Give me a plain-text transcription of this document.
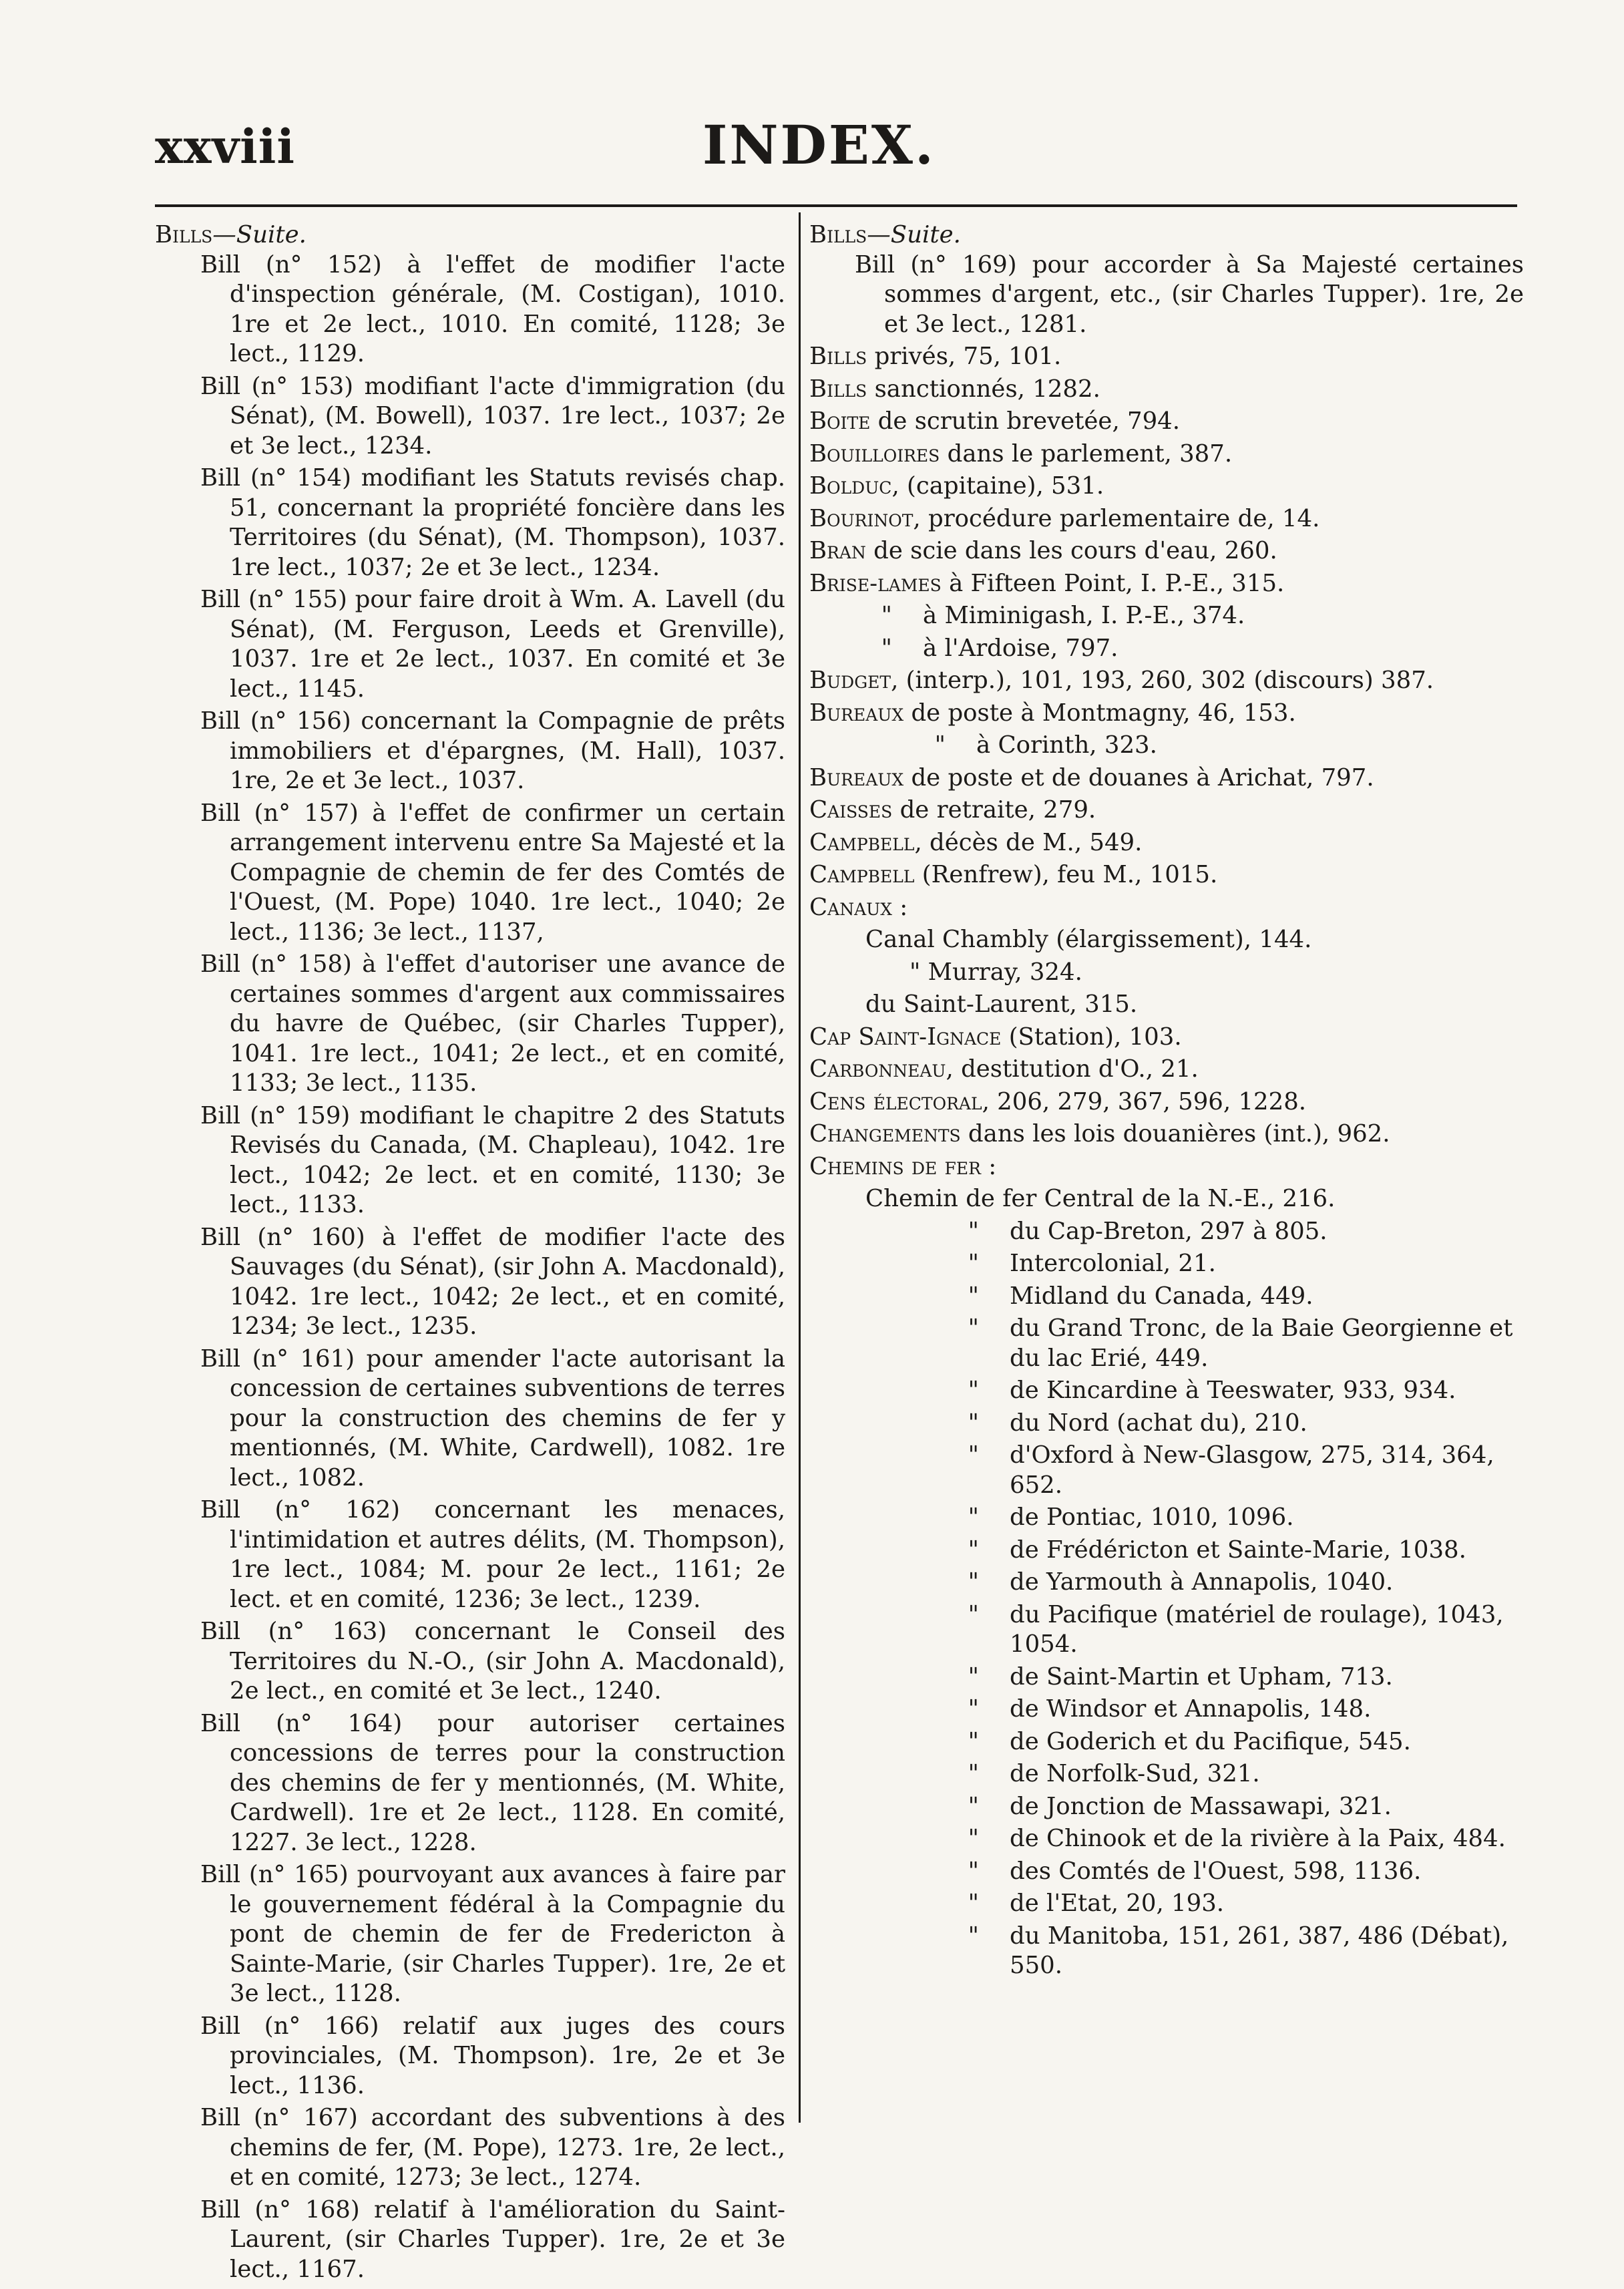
xxviii	INDEX.

Bills—Suite.

Bill (n° 152) à l'effet de modifier l'acte d'inspection générale, (M. Costigan), 1010. 1re et 2e lect., 1010. En comité, 1128; 3e lect., 1129.

Bill (n° 153) modifiant l'acte d'immigration (du Sénat), (M. Bowell), 1037. 1re lect., 1037; 2e et 3e lect., 1234.

Bill (n° 154) modifiant les Statuts revisés chap. 51, concernant la propriété foncière dans les Territoires (du Sénat), (M. Thompson), 1037. 1re lect., 1037; 2e et 3e lect., 1234.

Bill (n° 155) pour faire droit à Wm. A. Lavell (du Sénat), (M. Ferguson, Leeds et Grenville), 1037. 1re et 2e lect., 1037. En comité et 3e lect., 1145.

Bill (n° 156) concernant la Compagnie de prêts immobiliers et d'épargnes, (M. Hall), 1037. 1re, 2e et 3e lect., 1037.

Bill (n° 157) à l'effet de confirmer un certain arrangement intervenu entre Sa Majesté et la Compagnie de chemin de fer des Comtés de l'Ouest, (M. Pope) 1040. 1re lect., 1040; 2e lect., 1136; 3e lect., 1137,

Bill (n° 158) à l'effet d'autoriser une avance de certaines sommes d'argent aux commissaires du havre de Québec, (sir Charles Tupper), 1041. 1re lect., 1041; 2e lect., et en comité, 1133; 3e lect., 1135.

Bill (n° 159) modifiant le chapitre 2 des Statuts Revisés du Canada, (M. Chapleau), 1042. 1re lect., 1042; 2e lect. et en comité, 1130; 3e lect., 1133.

Bill (n° 160) à l'effet de modifier l'acte des Sauvages (du Sénat), (sir John A. Macdonald), 1042. 1re lect., 1042; 2e lect., et en comité, 1234; 3e lect., 1235.

Bill (n° 161) pour amender l'acte autorisant la concession de certaines subventions de terres pour la construction des chemins de fer y mentionnés, (M. White, Cardwell), 1082. 1re lect., 1082.

Bill (n° 162) concernant les menaces, l'intimidation et autres délits, (M. Thompson), 1re lect., 1084; M. pour 2e lect., 1161; 2e lect. et en comité, 1236; 3e lect., 1239.

Bill (n° 163) concernant le Conseil des Territoires du N.-O., (sir John A. Macdonald), 2e lect., en comité et 3e lect., 1240.

Bill (n° 164) pour autoriser certaines concessions de terres pour la construction des chemins de fer y mentionnés, (M. White, Cardwell). 1re et 2e lect., 1128. En comité, 1227. 3e lect., 1228.

Bill (n° 165) pourvoyant aux avances à faire par le gouvernement fédéral à la Compagnie du pont de chemin de fer de Fredericton à Sainte-Marie, (sir Charles Tupper). 1re, 2e et 3e lect., 1128.

Bill (n° 166) relatif aux juges des cours provinciales, (M. Thompson). 1re, 2e et 3e lect., 1136.

Bill (n° 167) accordant des subventions à des chemins de fer, (M. Pope), 1273. 1re, 2e lect., et en comité, 1273; 3e lect., 1274.

Bill (n° 168) relatif à l'amélioration du Saint-Laurent, (sir Charles Tupper). 1re, 2e et 3e lect., 1167.

Bills—Suite.

Bill (n° 169) pour accorder à Sa Majesté certaines sommes d'argent, etc., (sir Charles Tupper). 1re, 2e et 3e lect., 1281.

Bills privés, 75, 101.

Bills sanctionnés, 1282.

Boite de scrutin brevetée, 794.

Bouilloires dans le parlement, 387.

Bolduc, (capitaine), 531.

Bourinot, procédure parlementaire de, 14.

Bran de scie dans les cours d'eau, 260.

Brise-lames à Fifteen Point, I. P.-E., 315.

"	à Miminigash, I. P.-E., 374.
"	à l'Ardoise, 797.

Budget, (interp.), 101, 193, 260, 302 (discours) 387.

Bureaux de poste à Montmagny, 46, 153.

"	à Corinth, 323.

Bureaux de poste et de douanes à Arichat, 797.

Caisses de retraite, 279.

Campbell, décès de M., 549.

Campbell (Renfrew), feu M., 1015.

Canaux :

Canal Chambly (élargissement), 144.

" Murray, 324.

du Saint-Laurent, 315.

Cap Saint-Ignace (Station), 103.

Carbonneau, destitution d'O., 21.

Cens électoral, 206, 279, 367, 596, 1228.

Changements dans les lois douanières (int.), 962.

Chemins de fer :

Chemin de fer Central de la N.-E., 216.

"	du Cap-Breton, 297 à 805.
"	Intercolonial, 21.
"	Midland du Canada, 449.
"	du Grand Tronc, de la Baie Georgienne et du lac Erié, 449.
"	de Kincardine à Teeswater, 933, 934.
"	du Nord (achat du), 210.
"	d'Oxford à New-Glasgow, 275, 314, 364, 652.
"	de Pontiac, 1010, 1096.
"	de Frédéricton et Sainte-Marie, 1038.
"	de Yarmouth à Annapolis, 1040.
"	du Pacifique (matériel de roulage), 1043, 1054.
"	de Saint-Martin et Upham, 713.
"	de Windsor et Annapolis, 148.
"	de Goderich et du Pacifique, 545.
"	de Norfolk-Sud, 321.
"	de Jonction de Massawapi, 321.
"	de Chinook et de la rivière à la Paix, 484.
"	des Comtés de l'Ouest, 598, 1136.
"	de l'Etat, 20, 193.
"	du Manitoba, 151, 261, 387, 486 (Débat), 550.
